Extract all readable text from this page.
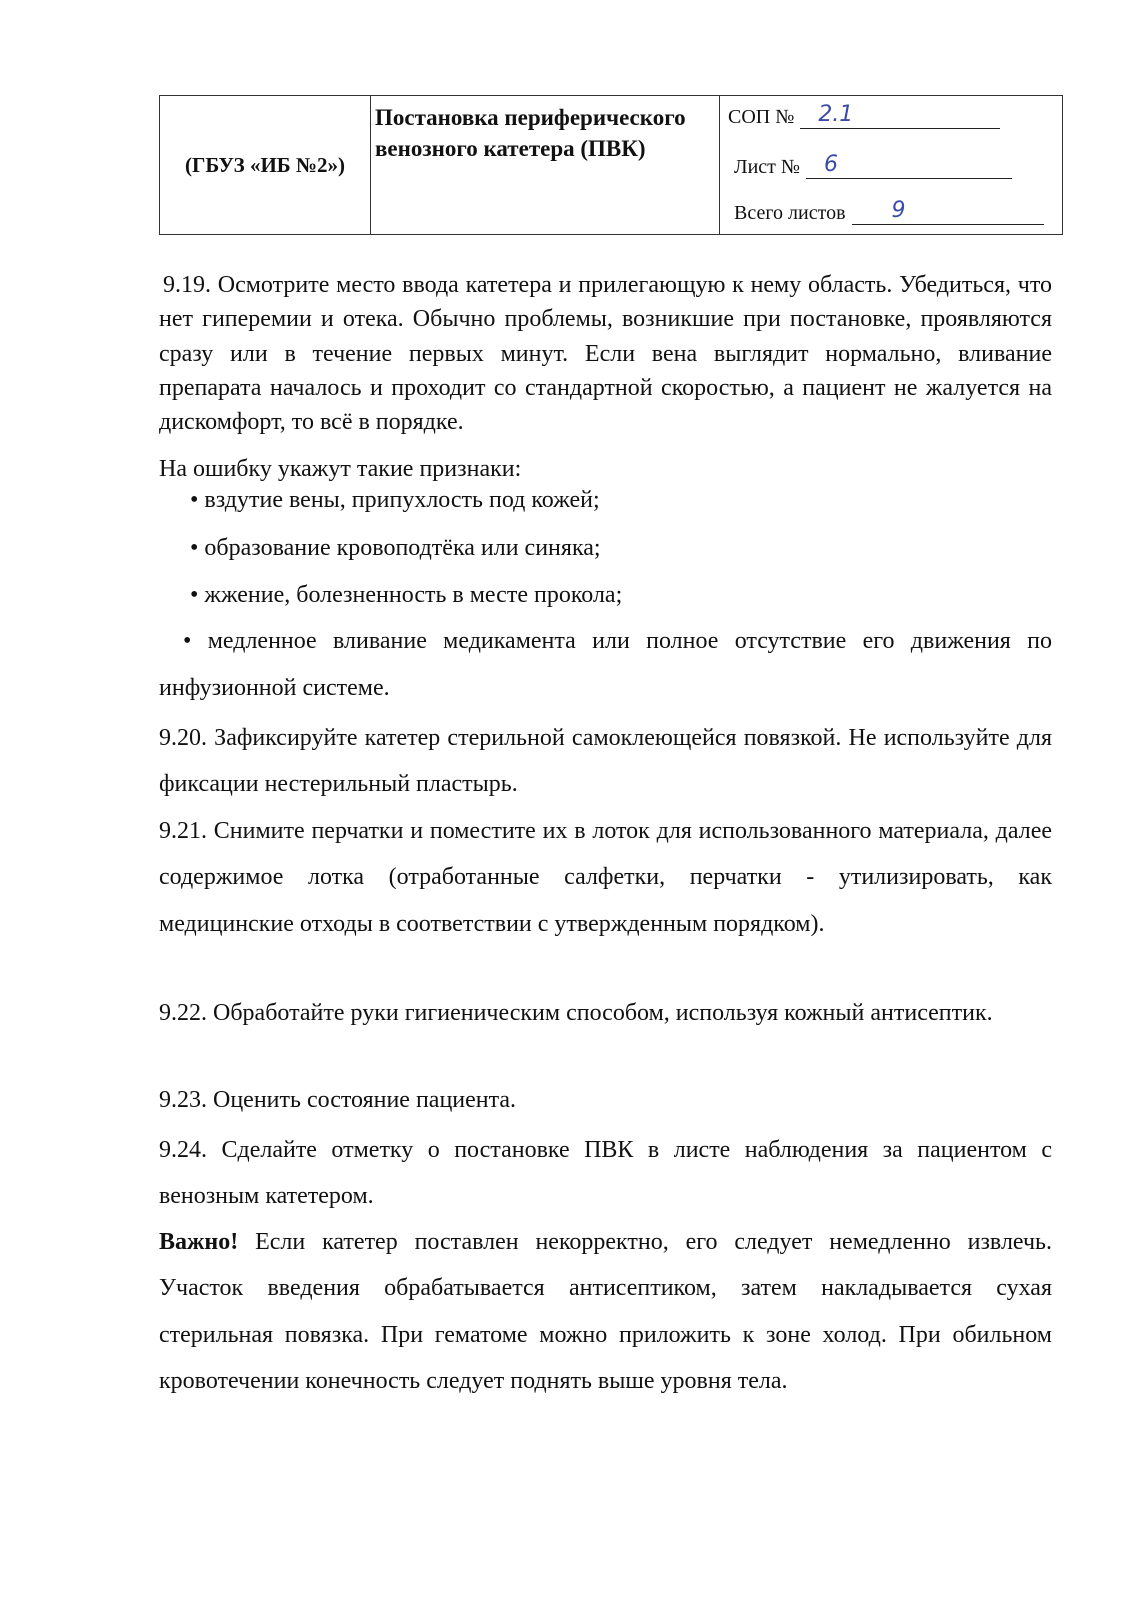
(ГБУЗ «ИБ №2»)	Постановка периферического венозного катетера (ПВК)	
СОП №	2.1
Лист №	6
Всего листов	9

9.19. Осмотрите место ввода катетера и прилегающую к нему область. Убедиться, что нет гиперемии и отека. Обычно проблемы, возникшие при постановке, проявляются сразу или в течение первых минут. Если вена выглядит нормально, вливание препарата началось и проходит со стандартной скоростью, а пациент не жалуется на дискомфорт, то всё в порядке.

На ошибку укажут такие признаки:

• вздутие вены, припухлость под кожей;
• образование кровоподтёка или синяка;
• жжение, болезненность в месте прокола;
• медленное вливание медикамента или полное отсутствие его движения по инфузионной системе.

9.20. Зафиксируйте катетер стерильной самоклеющейся повязкой. Не используйте для фиксации нестерильный пластырь.

9.21. Снимите перчатки и поместите их в лоток для использованного материала, далее содержимое лотка (отработанные салфетки, перчатки - утилизировать, как медицинские отходы в соответствии с утвержденным порядком).

9.22. Обработайте руки гигиеническим способом, используя кожный антисептик.

9.23. Оценить состояние пациента.

9.24. Сделайте отметку о постановке ПВК в листе наблюдения за пациентом с венозным катетером.

Важно! Если катетер поставлен некорректно, его следует немедленно извлечь. Участок введения обрабатывается антисептиком, затем накладывается сухая стерильная повязка. При гематоме можно приложить к зоне холод. При обильном кровотечении конечность следует поднять выше уровня тела.
